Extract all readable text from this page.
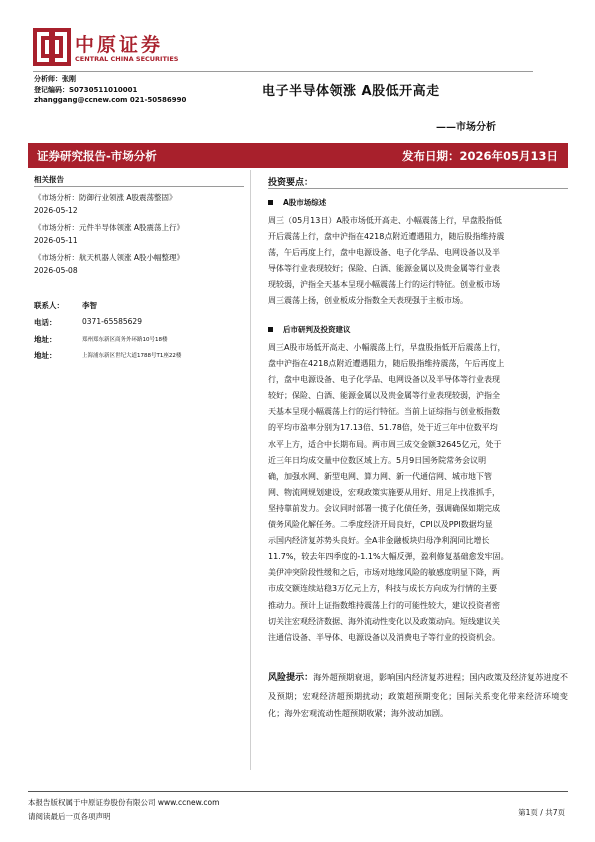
中原证券
CENTRAL CHINA SECURITIES
分析师：张刚
登记编码：S0730511010001
zhanggang@ccnew.com 021-50586990
电子半导体领涨 A股低开高走
——市场分析
证券研究报告-市场分析	发布日期：2026年05月13日
相关报告
《市场分析：防御行业领涨 A股震荡整固》
2026-05-12
《市场分析：元件半导体领涨 A股震荡上行》
2026-05-11
《市场分析：航天机器人领涨 A股小幅整理》
2026-05-08
联系人： 李智
电话：	0371-65585629
地址：	郑州郑东新区商务外环路10号18楼
地址：	上海浦东新区世纪大道1788号T1座22楼
投资要点：
A股市场综述
周三（05月13日）A股市场低开高走、小幅震荡上行，早盘股指低
开后震荡上行，盘中沪指在4218点附近遭遇阻力，随后股指维持震
荡，午后再度上行，盘中电源设备、电子化学品、电网设备以及半
导体等行业表现较好；保险、白酒、能源金属以及贵金属等行业表
现较弱，沪指全天基本呈现小幅震荡上行的运行特征。创业板市场
周三震荡上扬，创业板成分指数全天表现强于主板市场。
后市研判及投资建议
周三A股市场低开高走、小幅震荡上行，早盘股指低开后震荡上行，
盘中沪指在4218点附近遭遇阻力，随后股指维持震荡，午后再度上
行，盘中电源设备、电子化学品、电网设备以及半导体等行业表现
较好；保险、白酒、能源金属以及贵金属等行业表现较弱，沪指全
天基本呈现小幅震荡上行的运行特征。当前上证综指与创业板指数
的平均市盈率分别为17.13倍、51.78倍，处于近三年中位数平均
水平上方，适合中长期布局。两市周三成交金额32645亿元，处于
近三年日均成交量中位数区域上方。5月9日国务院常务会议明
确，加强水网、新型电网、算力网、新一代通信网、城市地下管
网、物流网规划建设，宏观政策实施要从用好、用足上找准抓手，
坚持靠前发力。会议同时部署一揽子化债任务，强调确保如期完成
债务风险化解任务。二季度经济开局良好，CPI以及PPI数据均显
示国内经济复苏势头良好。全A非金融板块归母净利润同比增长
11.7%，较去年四季度的-1.1%大幅反弹，盈利修复基础愈发牢固。
美伊冲突阶段性缓和之后，市场对地缘风险的敏感度明显下降，两
市成交额连续站稳3万亿元上方，科技与成长方向成为行情的主要
推动力。预计上证指数维持震荡上行的可能性较大，建议投资者密
切关注宏观经济数据、海外流动性变化以及政策动向。短线建议关
注通信设备、半导体、电源设备以及消费电子等行业的投资机会。
风险提示：海外超预期衰退，影响国内经济复苏进程；国内政策及经济复苏进度不及预期；宏观经济超预期扰动；政策超预期变化；国际关系变化带来经济环境变化；海外宏观流动性超预期收紧；海外波动加剧。
本报告版权属于中原证券股份有限公司 www.ccnew.com
请阅读最后一页各项声明	第1页 / 共7页
